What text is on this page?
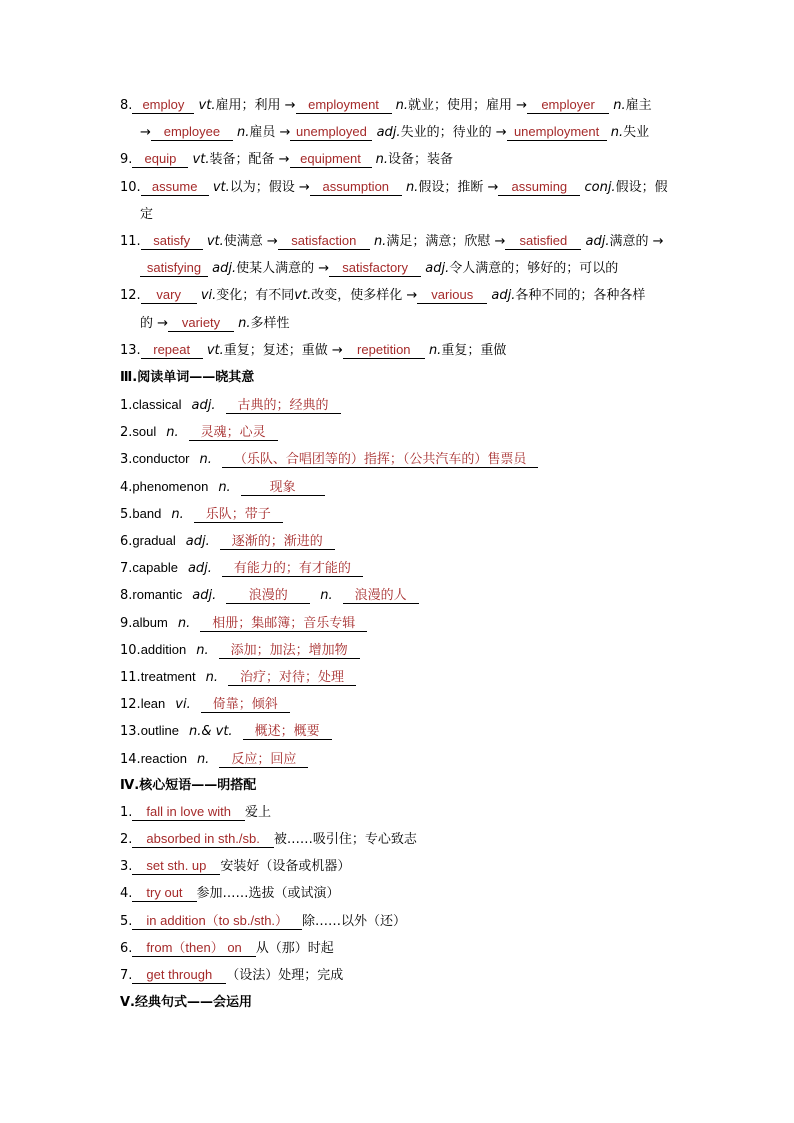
8. employ vt.雇用；利用 → employment n.就业；使用；雇用 → employer n.雇主
→ employee n.雇员 → unemployed adj.失业的；待业的 → unemployment n.失业
9. equip vt.装备；配备 → equipment n.设备；装备
10. assume vt.以为；假设 → assumption n.假设；推断 → assuming conj.假设；假
定
11. satisfy vt.使满意 → satisfaction n.满足；满意；欣慰 → satisfied adj.满意的 →
satisfying adj.使某人满意的 → satisfactory adj.令人满意的；够好的；可以的
12. vary vi.变化；有不同vt.改变，使多样化 → various adj.各种不同的；各种各样
的 → variety n.多样性
13. repeat vt.重复；复述；重做 → repetition n.重复；重做
Ⅲ.阅读单词——晓其意
1.classical adj. 古典的；经典的
2.soul n. 灵魂；心灵
3.conductor n. （乐队、合唱团等的）指挥；（公共汽车的）售票员
4.phenomenon n.	现象
5.band n. 乐队；带子
6.gradual adj. 逐渐的；渐进的
7.capable adj. 有能力的；有才能的
8.romantic adj. 浪漫的	n. 浪漫的人
9.album n. 相册；集邮簿；音乐专辑
10.addition n. 添加；加法；增加物
11.treatment n. 治疗；对待；处理
12.lean vi. 倚靠；倾斜
13.outline n.& vt. 概述；概要
14.reaction n. 反应；回应
Ⅳ.核心短语——明搭配
1. fall in love with 爱上
2. absorbed in sth./sb. 被……吸引住；专心致志
3. set sth. up 安装好（设备或机器）
4. try out 参加……选拔（或试演）
5. in addition（to sb./sth.） 除……以外（还）
6. from（then） on 从（那）时起
7. get through （设法）处理；完成
Ⅴ.经典句式——会运用
